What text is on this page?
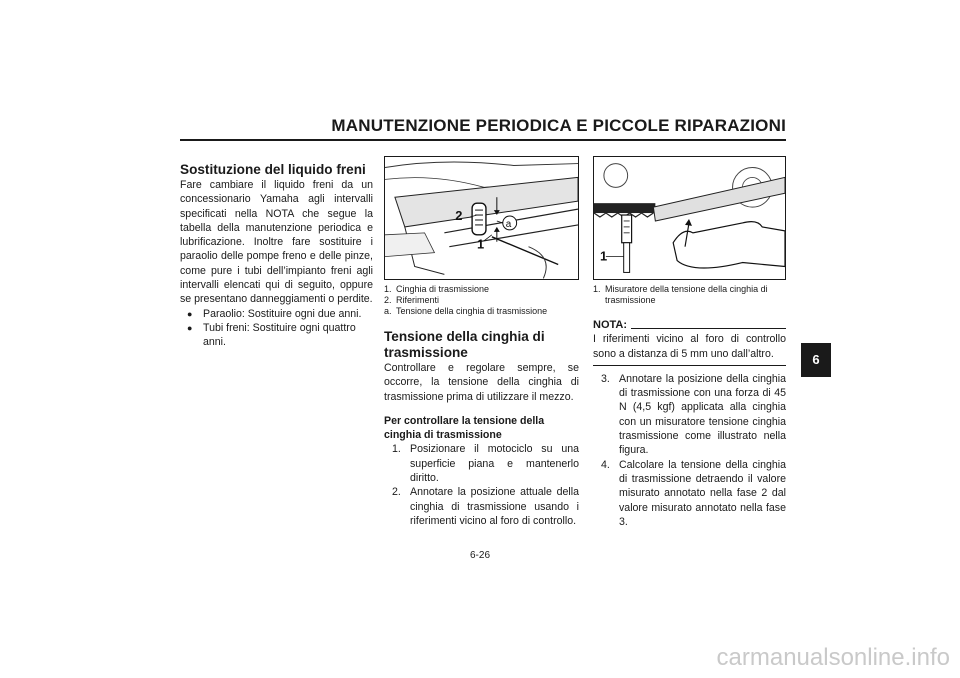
MANUTENZIONE PERIODICA E PICCOLE RIPARAZIONI
6
Sostituzione del liquido freni

Fare cambiare il liquido freni da un concessionario Yamaha agli intervalli specificati nella NOTA che segue la tabella della manutenzione periodica e lubrificazione. Inoltre fare sostituire i paraolio delle pompe freno e delle pinze, come pure i tubi dell’impianto freni agli intervalli elencati qui di seguito, oppure se presentano danneggiamenti o perdite.

● Paraolio: Sostituire ogni due anni.
● Tubi freni: Sostituire ogni quattro anni.
2
1
a
1. Cinghia di trasmissione
2. Riferimenti
a. Tensione della cinghia di trasmissione
Tensione della cinghia di trasmissione

Controllare e regolare sempre, se occorre, la tensione della cinghia di trasmissione prima di utilizzare il mezzo.

Per controllare la tensione della cinghia di trasmissione
1. Posizionare il motociclo su una superficie piana e mantenerlo diritto.
2. Annotare la posizione attuale della cinghia di trasmissione usando i riferimenti vicino al foro di controllo.
1
1. Misuratore della tensione della cinghia di trasmissione
NOTA:

I riferimenti vicino al foro di controllo sono a distanza di 5 mm uno dall’altro.

3. Annotare la posizione della cinghia di trasmissione con una forza di 45 N (4,5 kgf) applicata alla cinghia con un misuratore tensione cinghia trasmissione come illustrato nella figura.
4. Calcolare la tensione della cinghia di trasmissione detraendo il valore misurato annotato nella fase 2 dal valore misurato annotato nella fase 3.
6-26
carmanualsonline.info
